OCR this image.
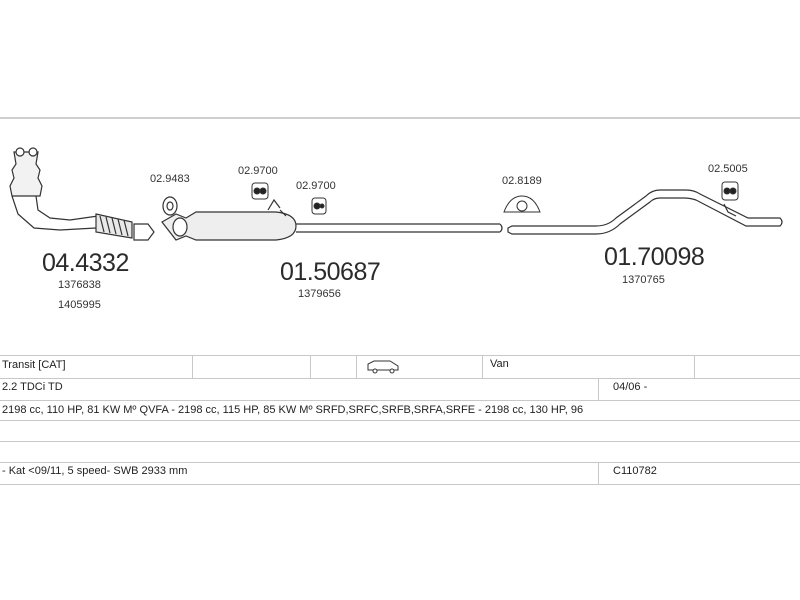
02.9483
02.9700
02.9700	02.8189
02.5005
04.4332
1376838
1405995
01.50687
1379656
01.70098
1370765
Transit [CAT]	Van
2.2 TDCi TD	04/06 -
2198 cc, 110 HP, 81 KW Mº QVFA - 2198 cc, 115 HP, 85 KW Mº SRFD,SRFC,SRFB,SRFA,SRFE - 2198 cc, 130 HP, 96
- Kat <09/11, 5 speed- SWB 2933 mm	C110782
